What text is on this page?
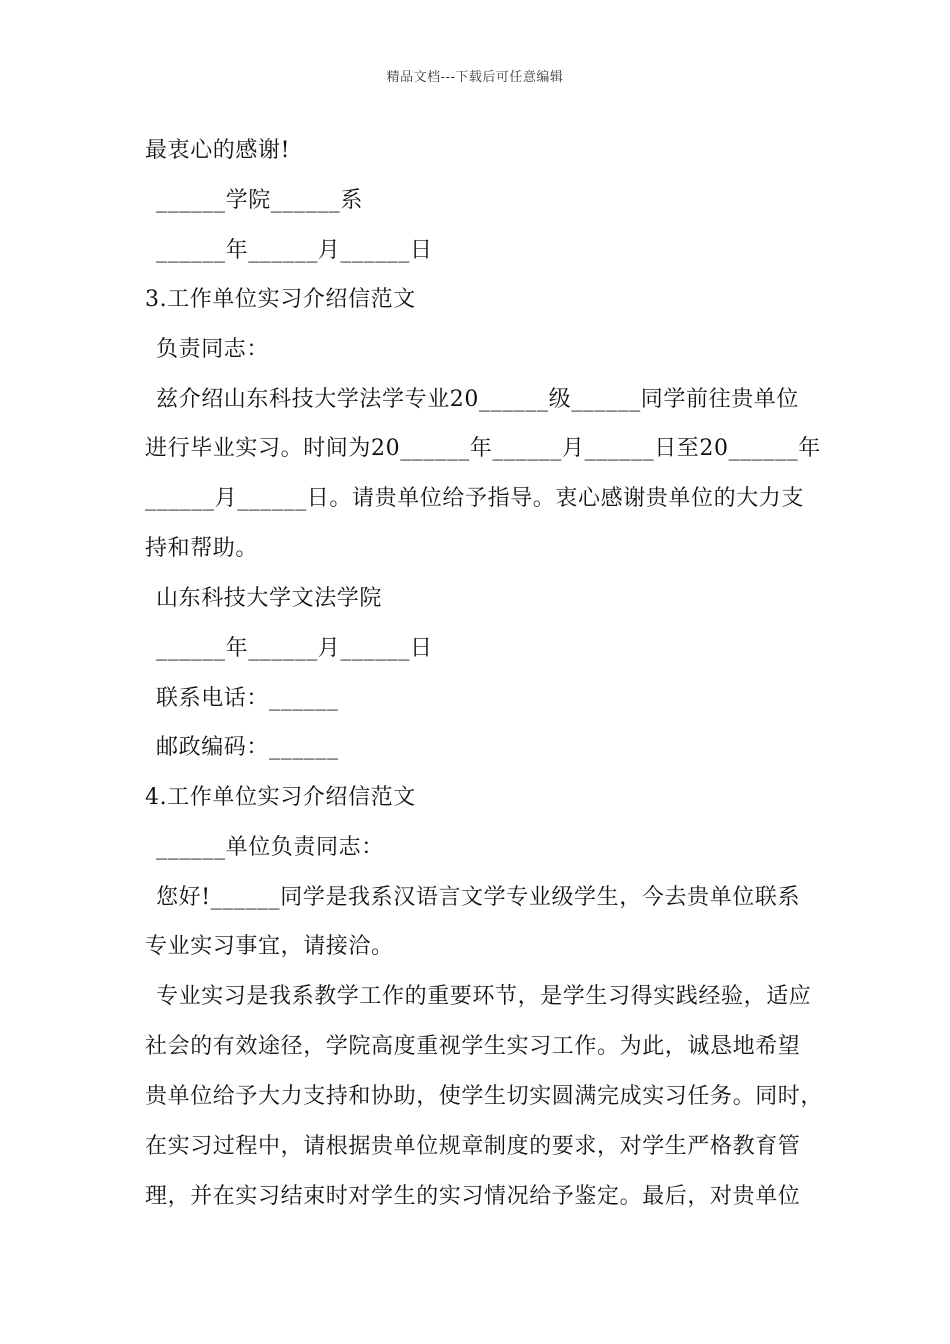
精品文档---下载后可任意编辑
最衷心的感谢!
______学院______系
______年______月______日
3.工作单位实习介绍信范文
负责同志：
兹介绍山东科技大学法学专业20______级______同学前往贵单位
进行毕业实习。时间为20______年______月______日至20______年
______月______日。请贵单位给予指导。衷心感谢贵单位的大力支
持和帮助。
山东科技大学文法学院
______年______月______日
联系电话：______
邮政编码：______
4.工作单位实习介绍信范文
______单位负责同志：
您好!______同学是我系汉语言文学专业级学生，今去贵单位联系
专业实习事宜，请接洽。
专业实习是我系教学工作的重要环节，是学生习得实践经验，适应
社会的有效途径，学院高度重视学生实习工作。为此，诚恳地希望
贵单位给予大力支持和协助，使学生切实圆满完成实习任务。同时，
在实习过程中，请根据贵单位规章制度的要求，对学生严格教育管
理，并在实习结束时对学生的实习情况给予鉴定。最后，对贵单位
